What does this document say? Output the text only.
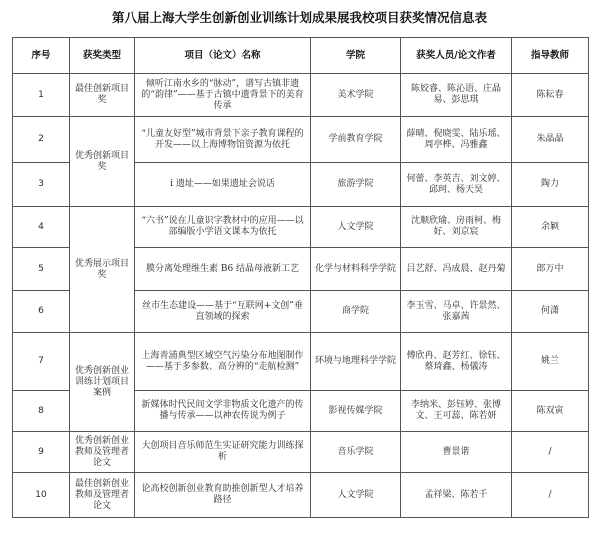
第八届上海大学生创新创业训练计划成果展我校项目获奖情况信息表
序号	获奖类型	项目（论文）名称	学院	获奖人员/论文作者	指导教师
1	最佳创新项目奖	倾听江南水乡的“脉动”，谱写古镇非遗的“韵律”——基于古镇中遗背景下的美育传承	美术学院	陈姣睿、陈沁语、庄晶易、彭思琪	陈耘春
2	优秀创新项目奖	“儿童友好型”城市背景下亲子教育课程的开发——以上海博物馆资源为依托	学前教育学院	薛晴、倪晓雯、陆乐瑶、周亭桦、冯雅鑫	朱晶晶
3		i 遗址——如果遗址会说话	旅游学院	何蕾、李英吉、刘文婷、邱珂、杨天昊	陶力
4	优秀展示项目奖	“六书”说在儿童识字教材中的应用——以部编版小学语文课本为依托	人文学院	沈顺欣瑜、房雨柯、梅好、刘京宸	余颖
5		膜分离处理维生素 B6 结晶母液新工艺	化学与材料科学学院	吕艺舒、冯成晨、赵丹菊	郎万中
6		丝市生态建设——基于“互联网+文创”垂直领域的探索	商学院	李玉雪、马卓、许景然、张嘉茜	何潇
7	优秀创新创业训练计划项目案例	上海青浦典型区域空气污染分布地图制作——基于多参数、高分辨的“走航检测”	环境与地理科学学院	傅欣冉、赵芳红、徐钰、蔡琦鑫、杨儀涛	姚兰
8		新媒体时代民间文学非物质文化遗产的传播与传承——以神农传说为例子	影视传媒学院	李纳米、彭钰婷、张博文、王可蕊、陈若妍	陈双寅
9	优秀创新创业教师及管理者论文	大创项目音乐师范生实证研究能力训练探析	音乐学院	曹景谐	/
10	最佳创新创业教师及管理者论文	论高校创新创业教育助推创新型人才培养路径	人文学院	孟祥梁、陈若千	/
